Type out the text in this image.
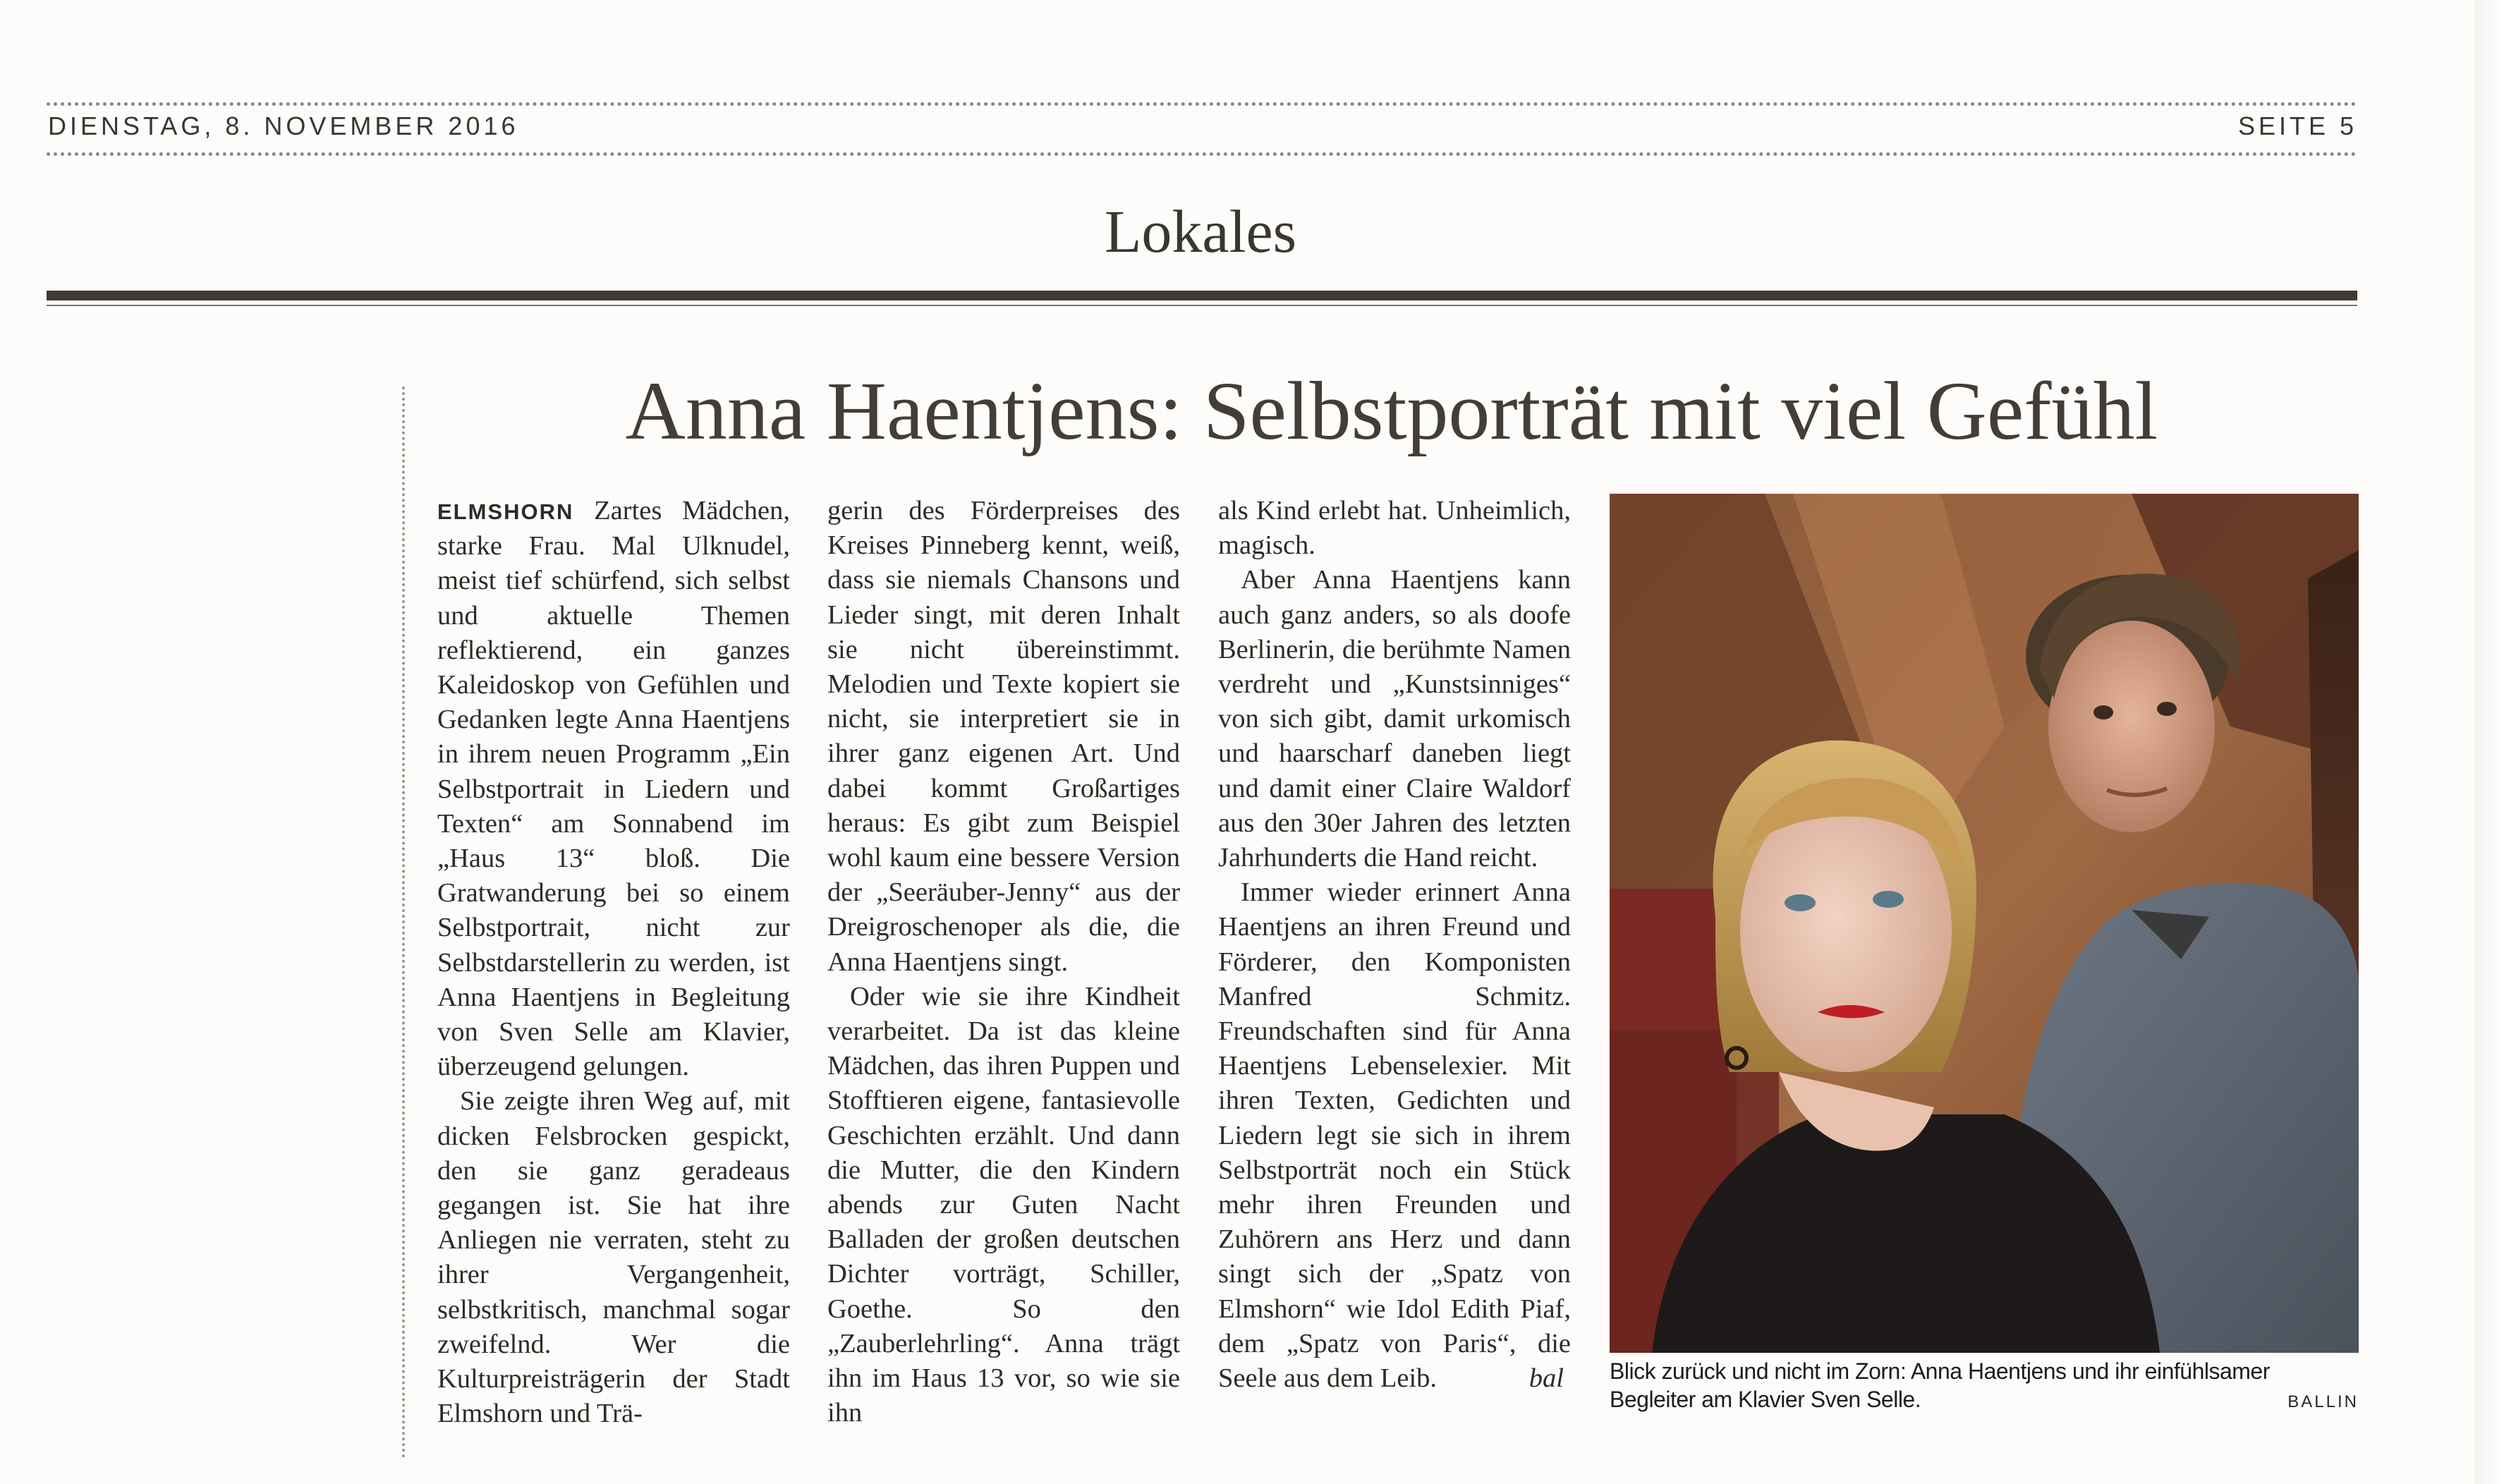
DIENSTAG, 8. NOVEMBER 2016	SEITE 5
Lokales
Anna Haentjens: Selbstporträt mit viel Gefühl

ELMSHORN Zartes Mädchen, starke Frau. Mal Ulknudel, meist tief schürfend, sich selbst und aktuelle Themen reflektierend, ein ganzes Kaleidoskop von Gefühlen und Gedanken legte Anna Haentjens in ihrem neuen Programm „Ein Selbstportrait in Liedern und Texten“ am Sonnabend im „Haus 13“ bloß. Die Gratwanderung bei so einem Selbstportrait, nicht zur Selbstdarstellerin zu werden, ist Anna Haentjens in Begleitung von Sven Selle am Klavier, überzeugend gelungen.

Sie zeigte ihren Weg auf, mit dicken Felsbrocken gespickt, den sie ganz geradeaus gegangen ist. Sie hat ihre Anliegen nie verraten, steht zu ihrer Vergangenheit, selbstkritisch, manchmal sogar zweifelnd. Wer die Kulturpreisträgerin der Stadt Elmshorn und Trä-

gerin des Förderpreises des Kreises Pinneberg kennt, weiß, dass sie niemals Chansons und Lieder singt, mit deren Inhalt sie nicht übereinstimmt. Melodien und Texte kopiert sie nicht, sie interpretiert sie in ihrer ganz eigenen Art. Und dabei kommt Großartiges heraus: Es gibt zum Beispiel wohl kaum eine bessere Version der „Seeräuber-Jenny“ aus der Dreigroschenoper als die, die Anna Haentjens singt.

Oder wie sie ihre Kindheit verarbeitet. Da ist das kleine Mädchen, das ihren Puppen und Stofftieren eigene, fantasievolle Geschichten erzählt. Und dann die Mutter, die den Kindern abends zur Guten Nacht Balladen der großen deutschen Dichter vorträgt, Schiller, Goethe. So den „Zauberlehrling“. Anna trägt ihn im Haus 13 vor, so wie sie ihn

als Kind erlebt hat. Unheimlich, magisch.

Aber Anna Haentjens kann auch ganz anders, so als doofe Berlinerin, die berühmte Namen verdreht und „Kunstsinniges“ von sich gibt, damit urkomisch und haarscharf daneben liegt und damit einer Claire Waldorf aus den 30er Jahren des letzten Jahrhunderts die Hand reicht.

Immer wieder erinnert Anna Haentjens an ihren Freund und Förderer, den Komponisten Manfred Schmitz. Freundschaften sind für Anna Haentjens Lebenselexier. Mit ihren Texten, Gedichten und Liedern legt sie sich in ihrem Selbstporträt noch ein Stück mehr ihren Freunden und Zuhörern ans Herz und dann singt sich der „Spatz von Elmshorn“ wie Idol Edith Piaf, dem „Spatz von Paris“, die Seele aus dem Leib.	bal	Blick zurück und nicht im Zorn: Anna Haentjens und ihr einfühlsamer Begleiter am Klavier Sven Selle.	BALLIN
